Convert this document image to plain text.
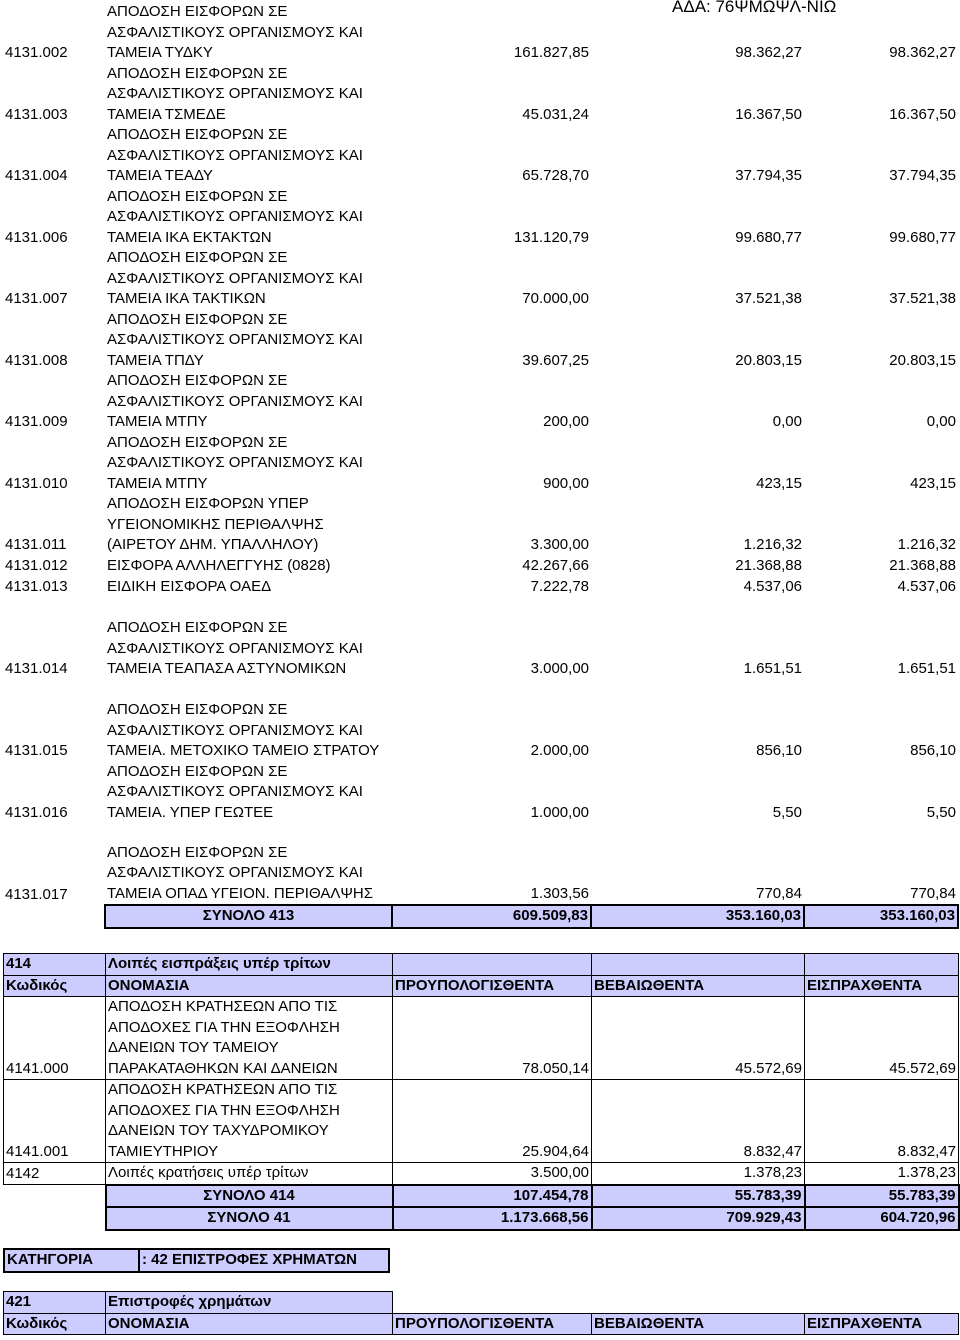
ΑΔΑ: 76ΨΜΩΨΛ-ΝΙΩ
4131.002	ΑΠΟΔΟΣΗ ΕΙΣΦΟΡΩΝ ΣΕ ΑΣΦΑΛΙΣΤΙΚΟΥΣ ΟΡΓΑΝΙΣΜΟΥΣ ΚΑΙ ΤΑΜΕΙΑ ΤΥΔΚΥ	161.827,85	98.362,27	98.362,27
4131.003	ΑΠΟΔΟΣΗ ΕΙΣΦΟΡΩΝ ΣΕ ΑΣΦΑΛΙΣΤΙΚΟΥΣ ΟΡΓΑΝΙΣΜΟΥΣ ΚΑΙ ΤΑΜΕΙΑ ΤΣΜΕΔΕ	45.031,24	16.367,50	16.367,50
4131.004	ΑΠΟΔΟΣΗ ΕΙΣΦΟΡΩΝ ΣΕ ΑΣΦΑΛΙΣΤΙΚΟΥΣ ΟΡΓΑΝΙΣΜΟΥΣ ΚΑΙ ΤΑΜΕΙΑ ΤΕΑΔΥ	65.728,70	37.794,35	37.794,35
4131.006	ΑΠΟΔΟΣΗ ΕΙΣΦΟΡΩΝ ΣΕ ΑΣΦΑΛΙΣΤΙΚΟΥΣ ΟΡΓΑΝΙΣΜΟΥΣ ΚΑΙ ΤΑΜΕΙΑ ΙΚΑ ΕΚΤΑΚΤΩΝ	131.120,79	99.680,77	99.680,77
4131.007	ΑΠΟΔΟΣΗ ΕΙΣΦΟΡΩΝ ΣΕ ΑΣΦΑΛΙΣΤΙΚΟΥΣ ΟΡΓΑΝΙΣΜΟΥΣ ΚΑΙ ΤΑΜΕΙΑ ΙΚΑ ΤΑΚΤΙΚΩΝ	70.000,00	37.521,38	37.521,38
4131.008	ΑΠΟΔΟΣΗ ΕΙΣΦΟΡΩΝ ΣΕ ΑΣΦΑΛΙΣΤΙΚΟΥΣ ΟΡΓΑΝΙΣΜΟΥΣ ΚΑΙ ΤΑΜΕΙΑ ΤΠΔΥ	39.607,25	20.803,15	20.803,15
4131.009	ΑΠΟΔΟΣΗ ΕΙΣΦΟΡΩΝ ΣΕ ΑΣΦΑΛΙΣΤΙΚΟΥΣ ΟΡΓΑΝΙΣΜΟΥΣ ΚΑΙ ΤΑΜΕΙΑ ΜΤΠΥ	200,00	0,00	0,00
4131.010	ΑΠΟΔΟΣΗ ΕΙΣΦΟΡΩΝ ΣΕ ΑΣΦΑΛΙΣΤΙΚΟΥΣ ΟΡΓΑΝΙΣΜΟΥΣ ΚΑΙ ΤΑΜΕΙΑ ΜΤΠΥ	900,00	423,15	423,15
4131.011	ΑΠΟΔΟΣΗ ΕΙΣΦΟΡΩΝ ΥΠΕΡ ΥΓΕΙΟΝΟΜΙΚΗΣ ΠΕΡΙΘΑΛΨΗΣ (ΑΙΡΕΤΟΥ ΔΗΜ. ΥΠΑΛΛΗΛΟΥ)	3.300,00	1.216,32	1.216,32
4131.012	ΕΙΣΦΟΡΑ ΑΛΛΗΛΕΓΓΥΗΣ (0828)	42.267,66	21.368,88	21.368,88
4131.013	ΕΙΔΙΚΗ ΕΙΣΦΟΡΑ ΟΑΕΔ	7.222,78	4.537,06	4.537,06
4131.014	ΑΠΟΔΟΣΗ ΕΙΣΦΟΡΩΝ ΣΕ ΑΣΦΑΛΙΣΤΙΚΟΥΣ ΟΡΓΑΝΙΣΜΟΥΣ ΚΑΙ ΤΑΜΕΙΑ ΤΕΑΠΑΣΑ ΑΣΤΥΝΟΜΙΚΩΝ	3.000,00	1.651,51	1.651,51
4131.015	ΑΠΟΔΟΣΗ ΕΙΣΦΟΡΩΝ ΣΕ ΑΣΦΑΛΙΣΤΙΚΟΥΣ ΟΡΓΑΝΙΣΜΟΥΣ ΚΑΙ ΤΑΜΕΙΑ. ΜΕΤΟΧΙΚΟ ΤΑΜΕΙΟ ΣΤΡΑΤΟΥ	2.000,00	856,10	856,10
4131.016	ΑΠΟΔΟΣΗ ΕΙΣΦΟΡΩΝ ΣΕ ΑΣΦΑΛΙΣΤΙΚΟΥΣ ΟΡΓΑΝΙΣΜΟΥΣ ΚΑΙ ΤΑΜΕΙΑ. ΥΠΕΡ ΓΕΩΤΕΕ	1.000,00	5,50	5,50
4131.017	ΑΠΟΔΟΣΗ ΕΙΣΦΟΡΩΝ ΣΕ ΑΣΦΑΛΙΣΤΙΚΟΥΣ ΟΡΓΑΝΙΣΜΟΥΣ ΚΑΙ ΤΑΜΕΙΑ ΟΠΑΔ ΥΓΕΙΟΝ. ΠΕΡΙΘΑΛΨΗΣ	1.303,56	770,84	770,84
	ΣΥΝΟΛΟ 413	609.509,83	353.160,03	353.160,03
414	Λοιπές εισπράξεις υπέρ τρίτων			
Κωδικός	ΟΝΟΜΑΣΙΑ	ΠΡΟΥΠΟΛΟΓΙΣΘΕΝΤΑ	ΒΕΒΑΙΩΘΕΝΤΑ	ΕΙΣΠΡΑΧΘΕΝΤΑ
4141.000	ΑΠΟΔΟΣΗ ΚΡΑΤΗΣΕΩΝ ΑΠΟ ΤΙΣ ΑΠΟΔΟΧΕΣ ΓΙΑ ΤΗΝ ΕΞΟΦΛΗΣΗ ΔΑΝΕΙΩΝ ΤΟΥ ΤΑΜΕΙΟΥ ΠΑΡΑΚΑΤΑΘΗΚΩΝ ΚΑΙ ΔΑΝΕΙΩΝ	78.050,14	45.572,69	45.572,69
4141.001	ΑΠΟΔΟΣΗ ΚΡΑΤΗΣΕΩΝ ΑΠΟ ΤΙΣ ΑΠΟΔΟΧΕΣ ΓΙΑ ΤΗΝ ΕΞΟΦΛΗΣΗ ΔΑΝΕΙΩΝ ΤΟΥ ΤΑΧΥΔΡΟΜΙΚΟΥ ΤΑΜΙΕΥΤΗΡΙΟΥ	25.904,64	8.832,47	8.832,47
4142	Λοιπές κρατήσεις υπέρ τρίτων	3.500,00	1.378,23	1.378,23
	ΣΥΝΟΛΟ 414	107.454,78	55.783,39	55.783,39
	ΣΥΝΟΛΟ 41	1.173.668,56	709.929,43	604.720,96
ΚΑΤΗΓΟΡΙΑ	: 42 ΕΠΙΣΤΡΟΦΕΣ ΧΡΗΜΑΤΩΝ
421	Επιστροφές χρημάτων			
Κωδικός	ΟΝΟΜΑΣΙΑ	ΠΡΟΥΠΟΛΟΓΙΣΘΕΝΤΑ	ΒΕΒΑΙΩΘΕΝΤΑ	ΕΙΣΠΡΑΧΘΕΝΤΑ
